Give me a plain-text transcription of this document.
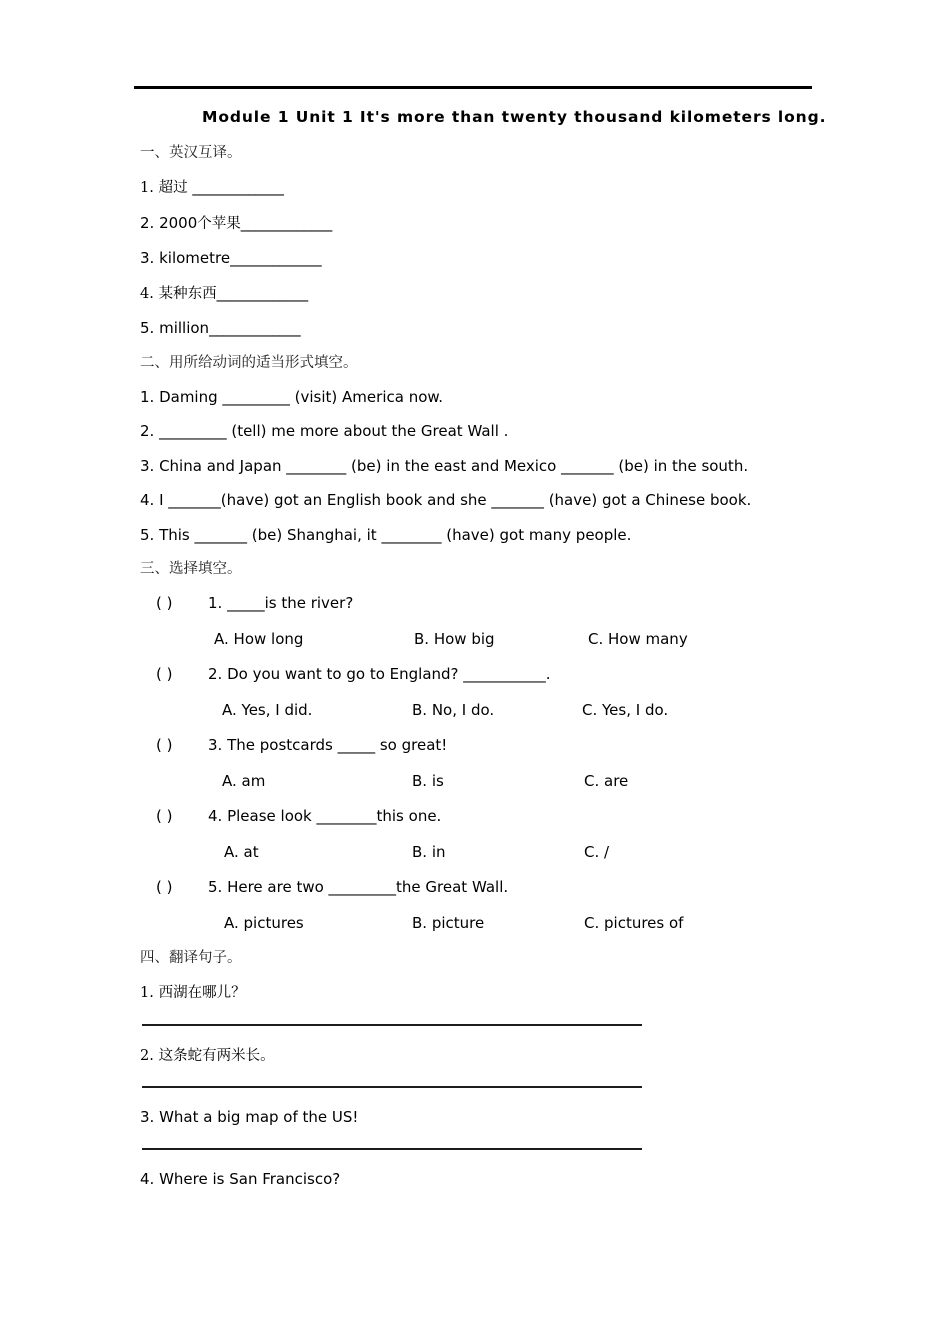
Module 1 Unit 1 It's more than twenty thousand kilometers long.
一、英汉互译。
1. 超过 _____________
2. 2000个苹果_____________
3. kilometre_____________
4. 某种东西_____________
5. million_____________
二、用所给动词的适当形式填空。
1. Daming _________ (visit) America now.
2. _________ (tell) me more about the Great Wall .
3. China and Japan ________ (be) in the east and Mexico _______ (be) in the south.
4. I _______(have) got an English book and she _______ (have) got a Chinese book.
5. This _______ (be) Shanghai, it ________ (have) got many people.
三、选择填空。
( ) 1. _____is the river?
A. How long	B. How big	C. How many
( ) 2. Do you want to go to England? ___________.
A. Yes, I did.	B. No, I do.	C. Yes, I do.
( ) 3. The postcards _____ so great!
A. am	B. is	C. are
( ) 4. Please look ________this one.
A. at	B. in	C. /
( ) 5. Here are two _________the Great Wall.
A. pictures	B. picture	C. pictures of
四、翻译句子。
1. 西湖在哪儿？
2. 这条蛇有两米长。
3. What a big map of the US!
4. Where is San Francisco?
